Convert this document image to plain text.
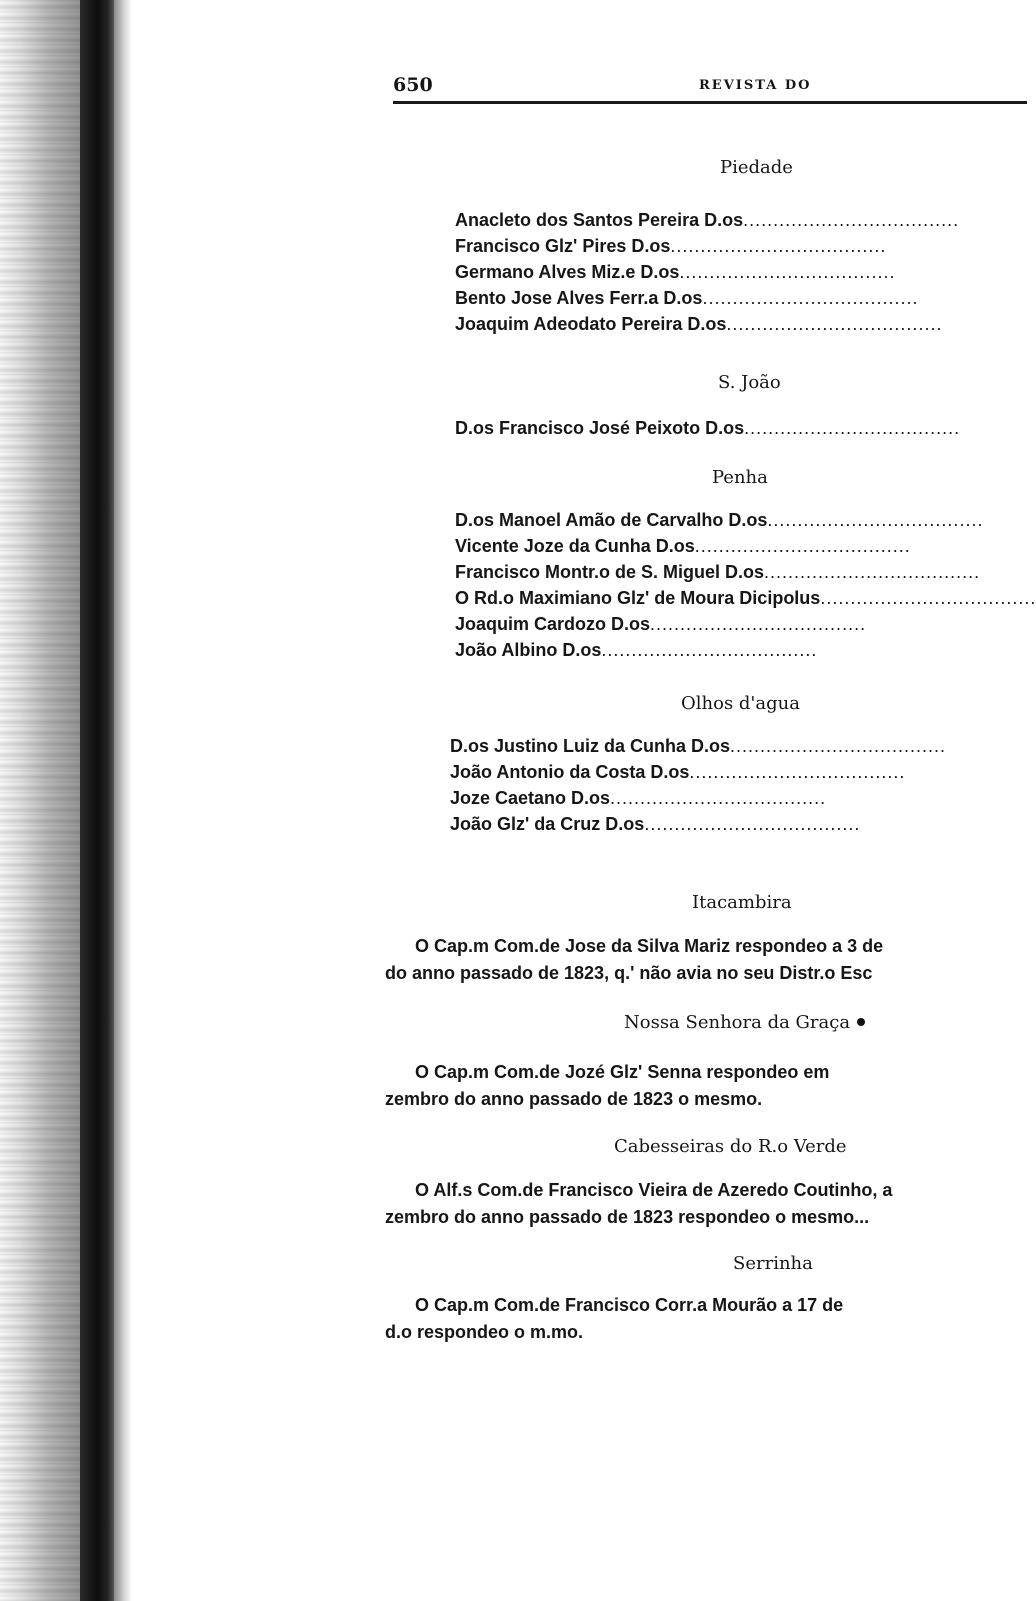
650	REVISTA DO
Piedade
Anacleto dos Santos Pereira D.os....................................
Francisco Glz' Pires D.os....................................
Germano Alves Miz.e D.os....................................
Bento Jose Alves Ferr.a D.os....................................
Joaquim Adeodato Pereira D.os....................................
S. João
D.os Francisco José Peixoto D.os....................................
Penha
D.os Manoel Amão de Carvalho D.os....................................
Vicente Joze da Cunha D.os....................................
Francisco Montr.o de S. Miguel D.os....................................
O Rd.o Maximiano Glz' de Moura Dicipolus....................................
Joaquim Cardozo D.os....................................
João Albino D.os....................................
Olhos d'agua
D.os Justino Luiz da Cunha D.os....................................
João Antonio da Costa D.os....................................
Joze Caetano D.os....................................
João Glz' da Cruz D.os....................................
Itacambira
O Cap.m Com.de Jose da Silva Mariz respondeo a 3 de
do anno passado de 1823, q.' não avia no seu Distr.o Esc
Nossa Senhora da Graça
O Cap.m Com.de Jozé Glz' Senna respondeo em
zembro do anno passado de 1823 o mesmo.
Cabesseiras do R.o Verde
O Alf.s Com.de Francisco Vieira de Azeredo Coutinho, a
zembro do anno passado de 1823 respondeo o mesmo...
Serrinha
O Cap.m Com.de Francisco Corr.a Mourão a 17 de
d.o respondeo o m.mo.
